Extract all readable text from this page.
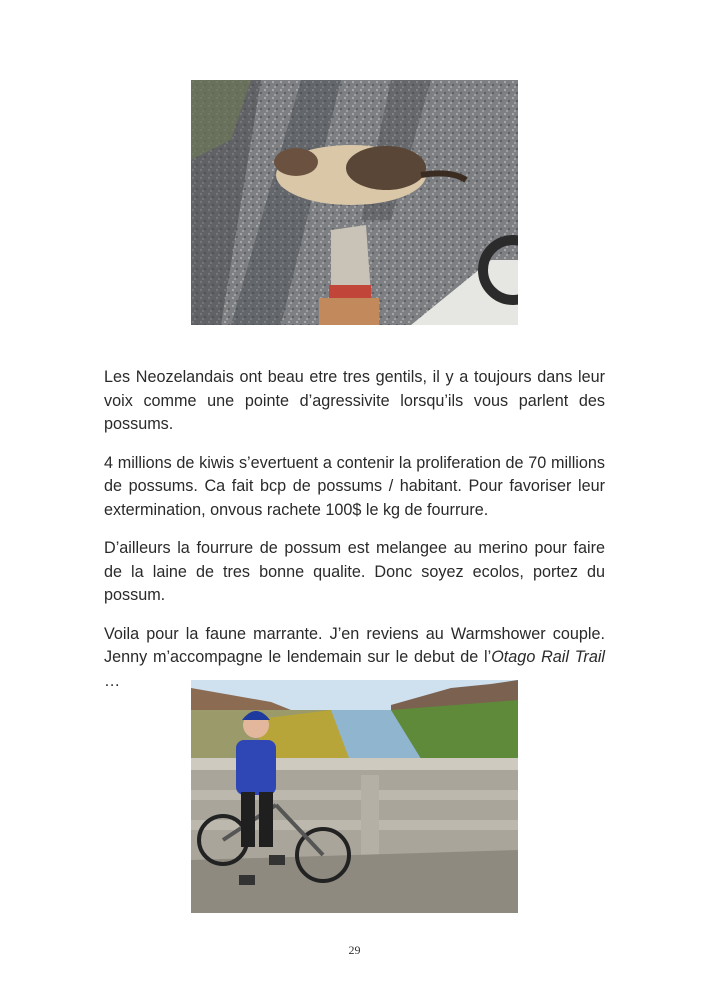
Les Neozelandais ont beau etre tres gentils, il y a toujours dans leur voix comme une pointe d’agressivite lorsqu’ils vous parlent des possums.

4 millions de kiwis s’evertuent a contenir la proliferation de 70 millions de possums. Ca fait bcp de possums / habitant. Pour favoriser leur extermination, onvous rachete 100$ le kg de fourrure.

D’ailleurs la fourrure de possum est melangee au merino pour faire de la laine de tres bonne qualite. Donc soyez ecolos, portez du possum.

Voila pour la faune marrante. J’en reviens au Warmshower couple. Jenny m’accompagne le lendemain sur le debut de l’Otago Rail Trail …

29
